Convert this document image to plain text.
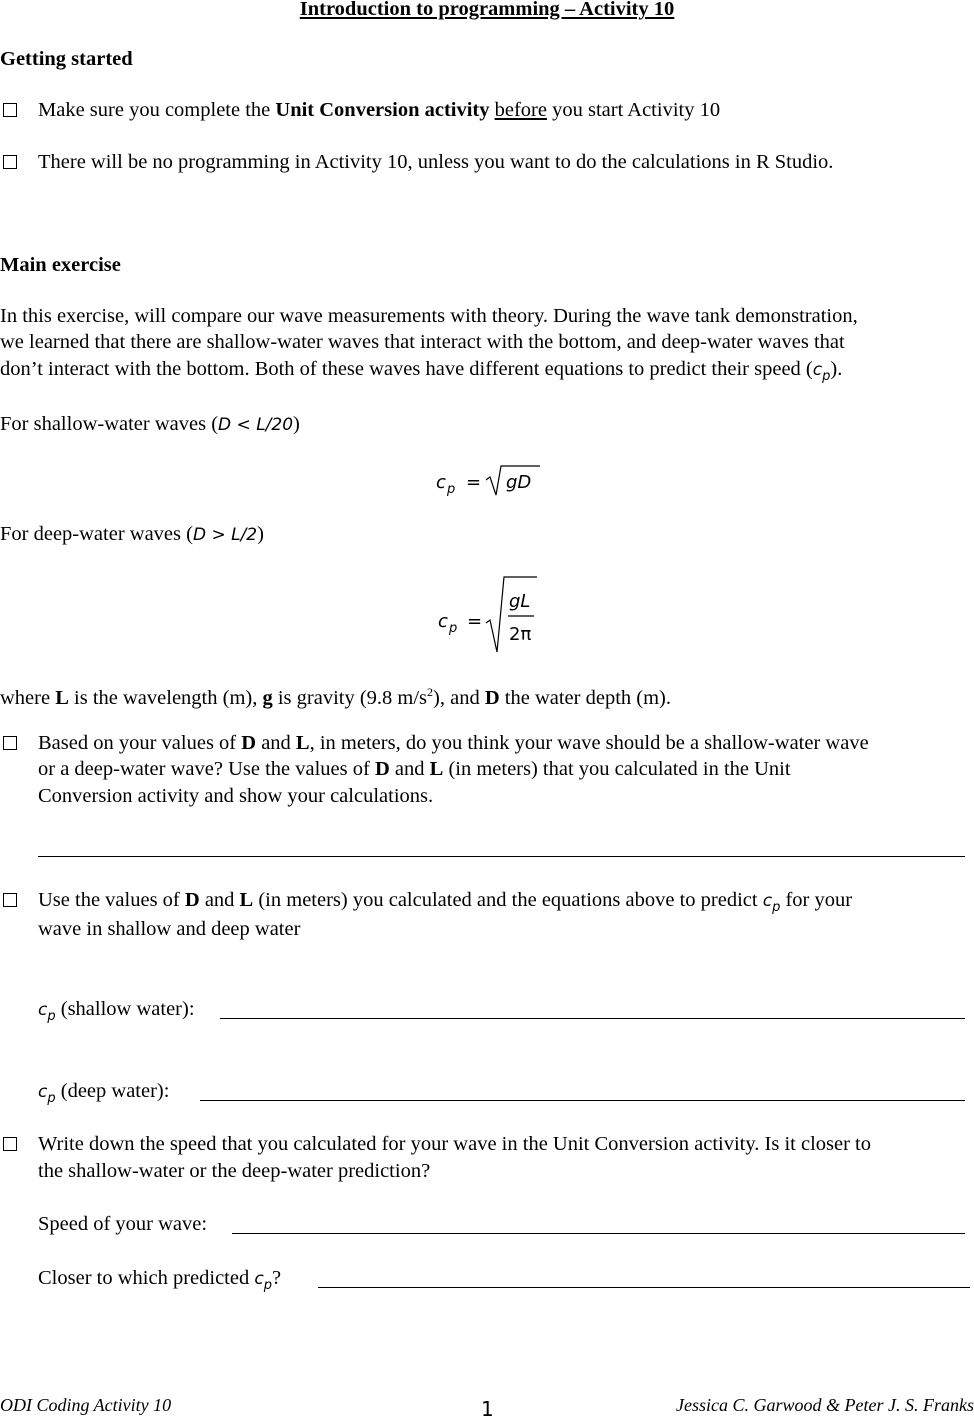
Introduction to programming – Activity 10
Getting started
Make sure you complete the Unit Conversion activity before you start Activity 10
There will be no programming in Activity 10, unless you want to do the calculations in R Studio.
Main exercise
In this exercise, will compare our wave measurements with theory. During the wave tank demonstration,
we learned that there are shallow-water waves that interact with the bottom, and deep-water waves that
don’t interact with the bottom. Both of these waves have different equations to predict their speed $(c_p)$.
For shallow-water waves (D < L/20)
c p = gD
For deep-water waves (D > L/2)
c p =
gL
2π
where L is the wavelength (m), g is gravity (9.8 $m/s^2$), and D the water depth (m).
Based on your values of D and L, in meters, do you think your wave should be a shallow-water wave
or a deep-water wave? Use the values of D and L (in meters) that you calculated in the Unit
Conversion activity and show your calculations.
Use the values of D and L (in meters) you calculated and the equations above to predict $c_p$ for your
wave in shallow and deep water
$c_p$ (shallow water):
$c_p$ (deep water):
Write down the speed that you calculated for your wave in the Unit Conversion activity. Is it closer to
the shallow-water or the deep-water prediction?
Speed of your wave:
Closer to which predicted $c_p$?
ODI Coding Activity 10	1	Jessica C. Garwood & Peter J. S. Franks
